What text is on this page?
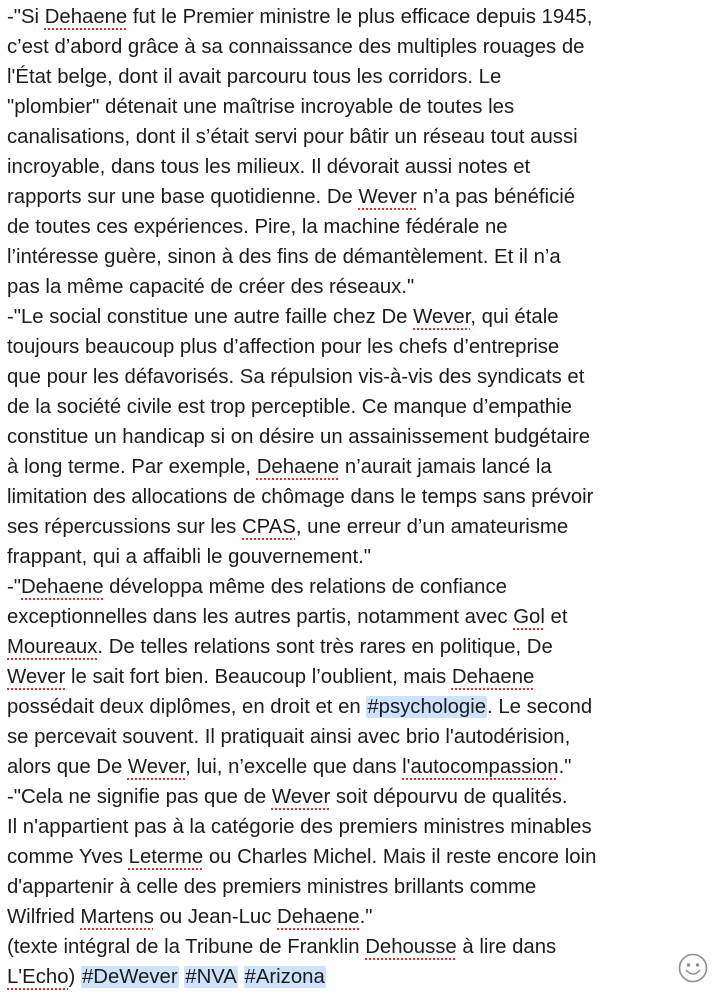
-"Si Dehaene fut le Premier ministre le plus efficace depuis 1945,
c’est d’abord grâce à sa connaissance des multiples rouages de
l'État belge, dont il avait parcouru tous les corridors. Le
"plombier" détenait une maîtrise incroyable de toutes les
canalisations, dont il s’était servi pour bâtir un réseau tout aussi
incroyable, dans tous les milieux. Il dévorait aussi notes et
rapports sur une base quotidienne. De Wever n’a pas bénéficié
de toutes ces expériences. Pire, la machine fédérale ne
l’intéresse guère, sinon à des fins de démantèlement. Et il n’a
pas la même capacité de créer des réseaux."
-"Le social constitue une autre faille chez De Wever, qui étale
toujours beaucoup plus d’affection pour les chefs d’entreprise
que pour les défavorisés. Sa répulsion vis-à-vis des syndicats et
de la société civile est trop perceptible. Ce manque d’empathie
constitue un handicap si on désire un assainissement budgétaire
à long terme. Par exemple, Dehaene n’aurait jamais lancé la
limitation des allocations de chômage dans le temps sans prévoir
ses répercussions sur les CPAS, une erreur d’un amateurisme
frappant, qui a affaibli le gouvernement."
-"Dehaene développa même des relations de confiance
exceptionnelles dans les autres partis, notamment avec Gol et
Moureaux. De telles relations sont très rares en politique, De
Wever le sait fort bien. Beaucoup l’oublient, mais Dehaene
possédait deux diplômes, en droit et en #psychologie. Le second
se percevait souvent. Il pratiquait ainsi avec brio l'autodérision,
alors que De Wever, lui, n’excelle que dans l'autocompassion."
-"Cela ne signifie pas que de Wever soit dépourvu de qualités.
Il n'appartient pas à la catégorie des premiers ministres minables
comme Yves Leterme ou Charles Michel. Mais il reste encore loin
d'appartenir à celle des premiers ministres brillants comme
Wilfried Martens ou Jean-Luc Dehaene."
(texte intégral de la Tribune de Franklin Dehousse à lire dans
L'Echo) #DeWever #NVA #Arizona
